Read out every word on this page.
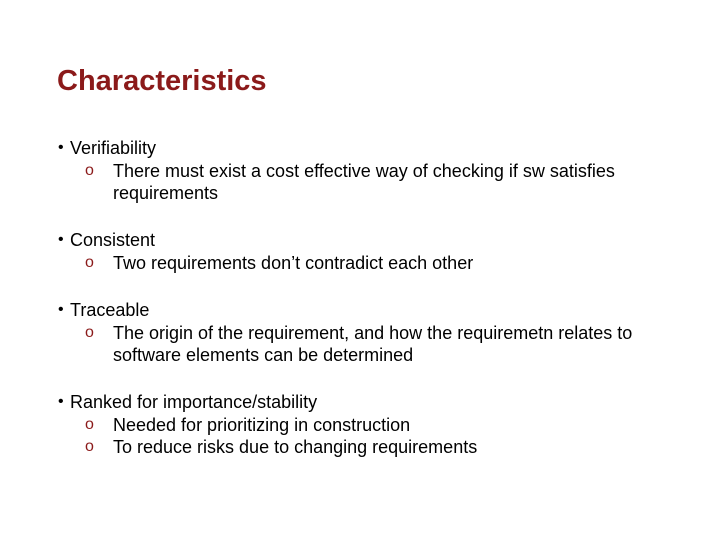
Characteristics
• Verifiability
o	There must exist a cost effective way of checking if sw satisfies requirements
• Consistent
o	Two requirements don’t contradict each other
• Traceable
o	The origin of the requirement, and how the requiremetn relates to software elements can be determined
• Ranked for importance/stability
o	Needed for prioritizing in construction
o	To reduce risks due to changing requirements
